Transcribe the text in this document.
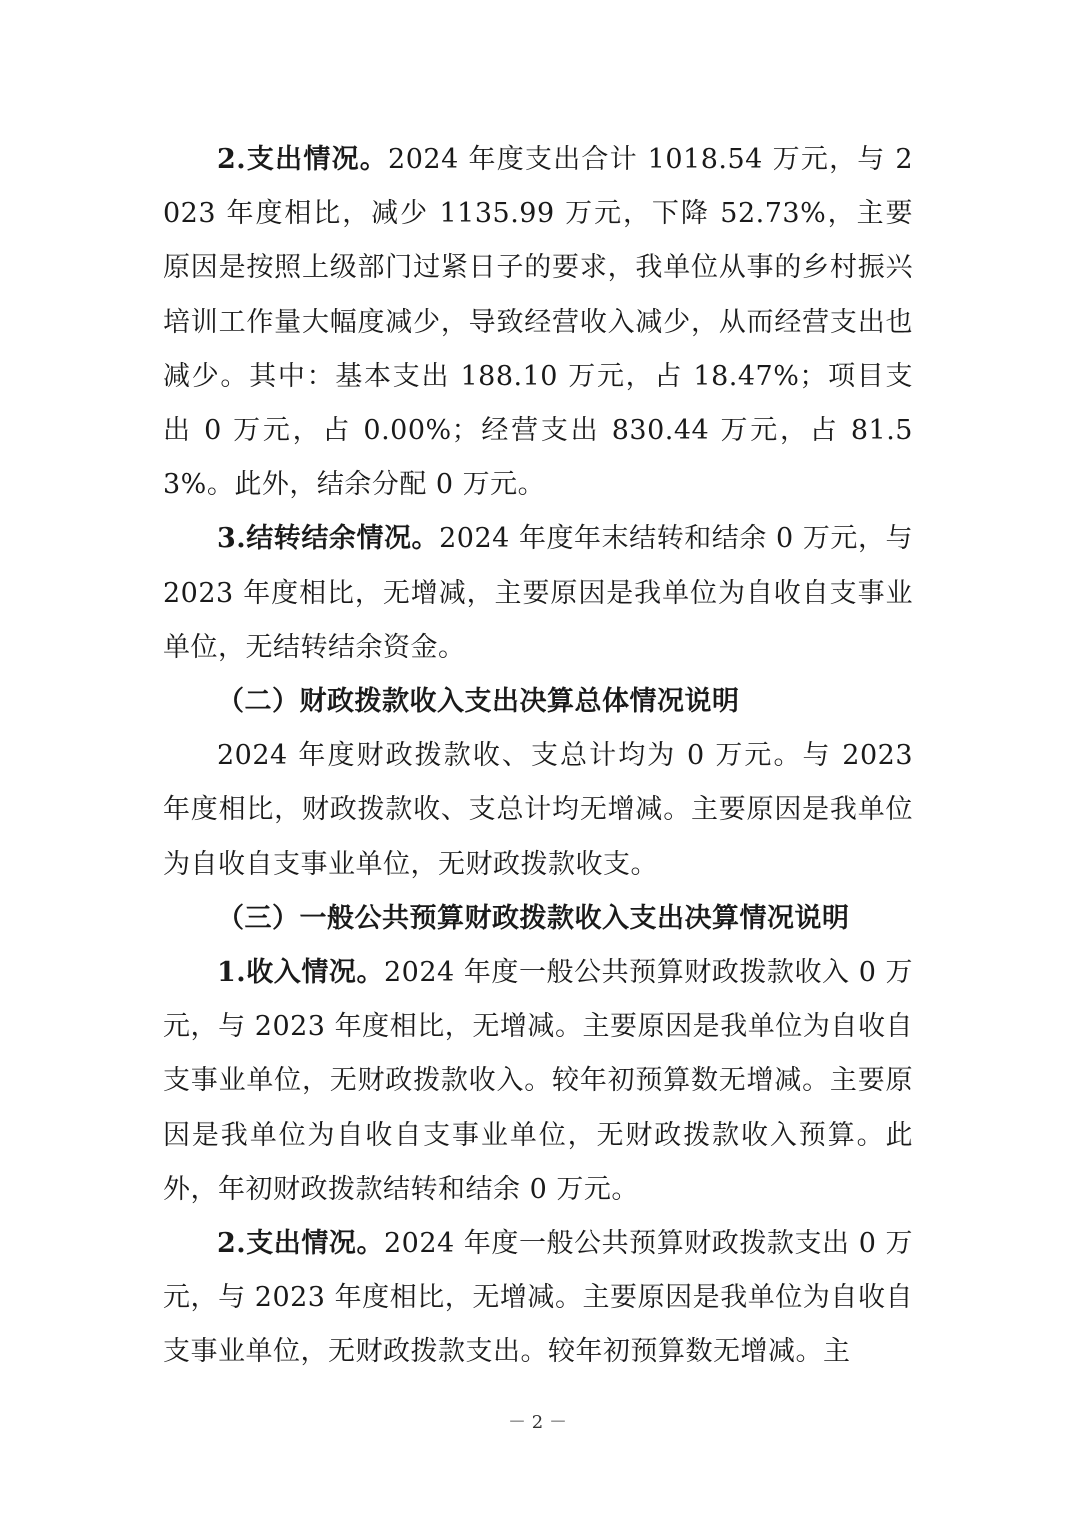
2.支出情况。2024 年度支出合计 1018.54 万元，与 2023 年度相比，减少 1135.99 万元，下降 52.73%，主要原因是按照上级部门过紧日子的要求，我单位从事的乡村振兴培训工作量大幅度减少，导致经营收入减少，从而经营支出也减少。其中：基本支出 188.10 万元，占 18.47%；项目支出 0 万元，占 0.00%；经营支出 830.44 万元，占 81.53%。此外，结余分配 0 万元。

3.结转结余情况。2024 年度年末结转和结余 0 万元，与 2023 年度相比，无增减，主要原因是我单位为自收自支事业单位，无结转结余资金。

（二）财政拨款收入支出决算总体情况说明

2024 年度财政拨款收、支总计均为 0 万元。与 2023 年度相比，财政拨款收、支总计均无增减。主要原因是我单位为自收自支事业单位，无财政拨款收支。

（三）一般公共预算财政拨款收入支出决算情况说明

1.收入情况。2024 年度一般公共预算财政拨款收入 0 万元，与 2023 年度相比，无增减。主要原因是我单位为自收自支事业单位，无财政拨款收入。较年初预算数无增减。主要原因是我单位为自收自支事业单位，无财政拨款收入预算。此外，年初财政拨款结转和结余 0 万元。

2.支出情况。2024 年度一般公共预算财政拨款支出 0 万元，与 2023 年度相比，无增减。主要原因是我单位为自收自支事业单位，无财政拨款支出。较年初预算数无增减。主

－ 2 －
